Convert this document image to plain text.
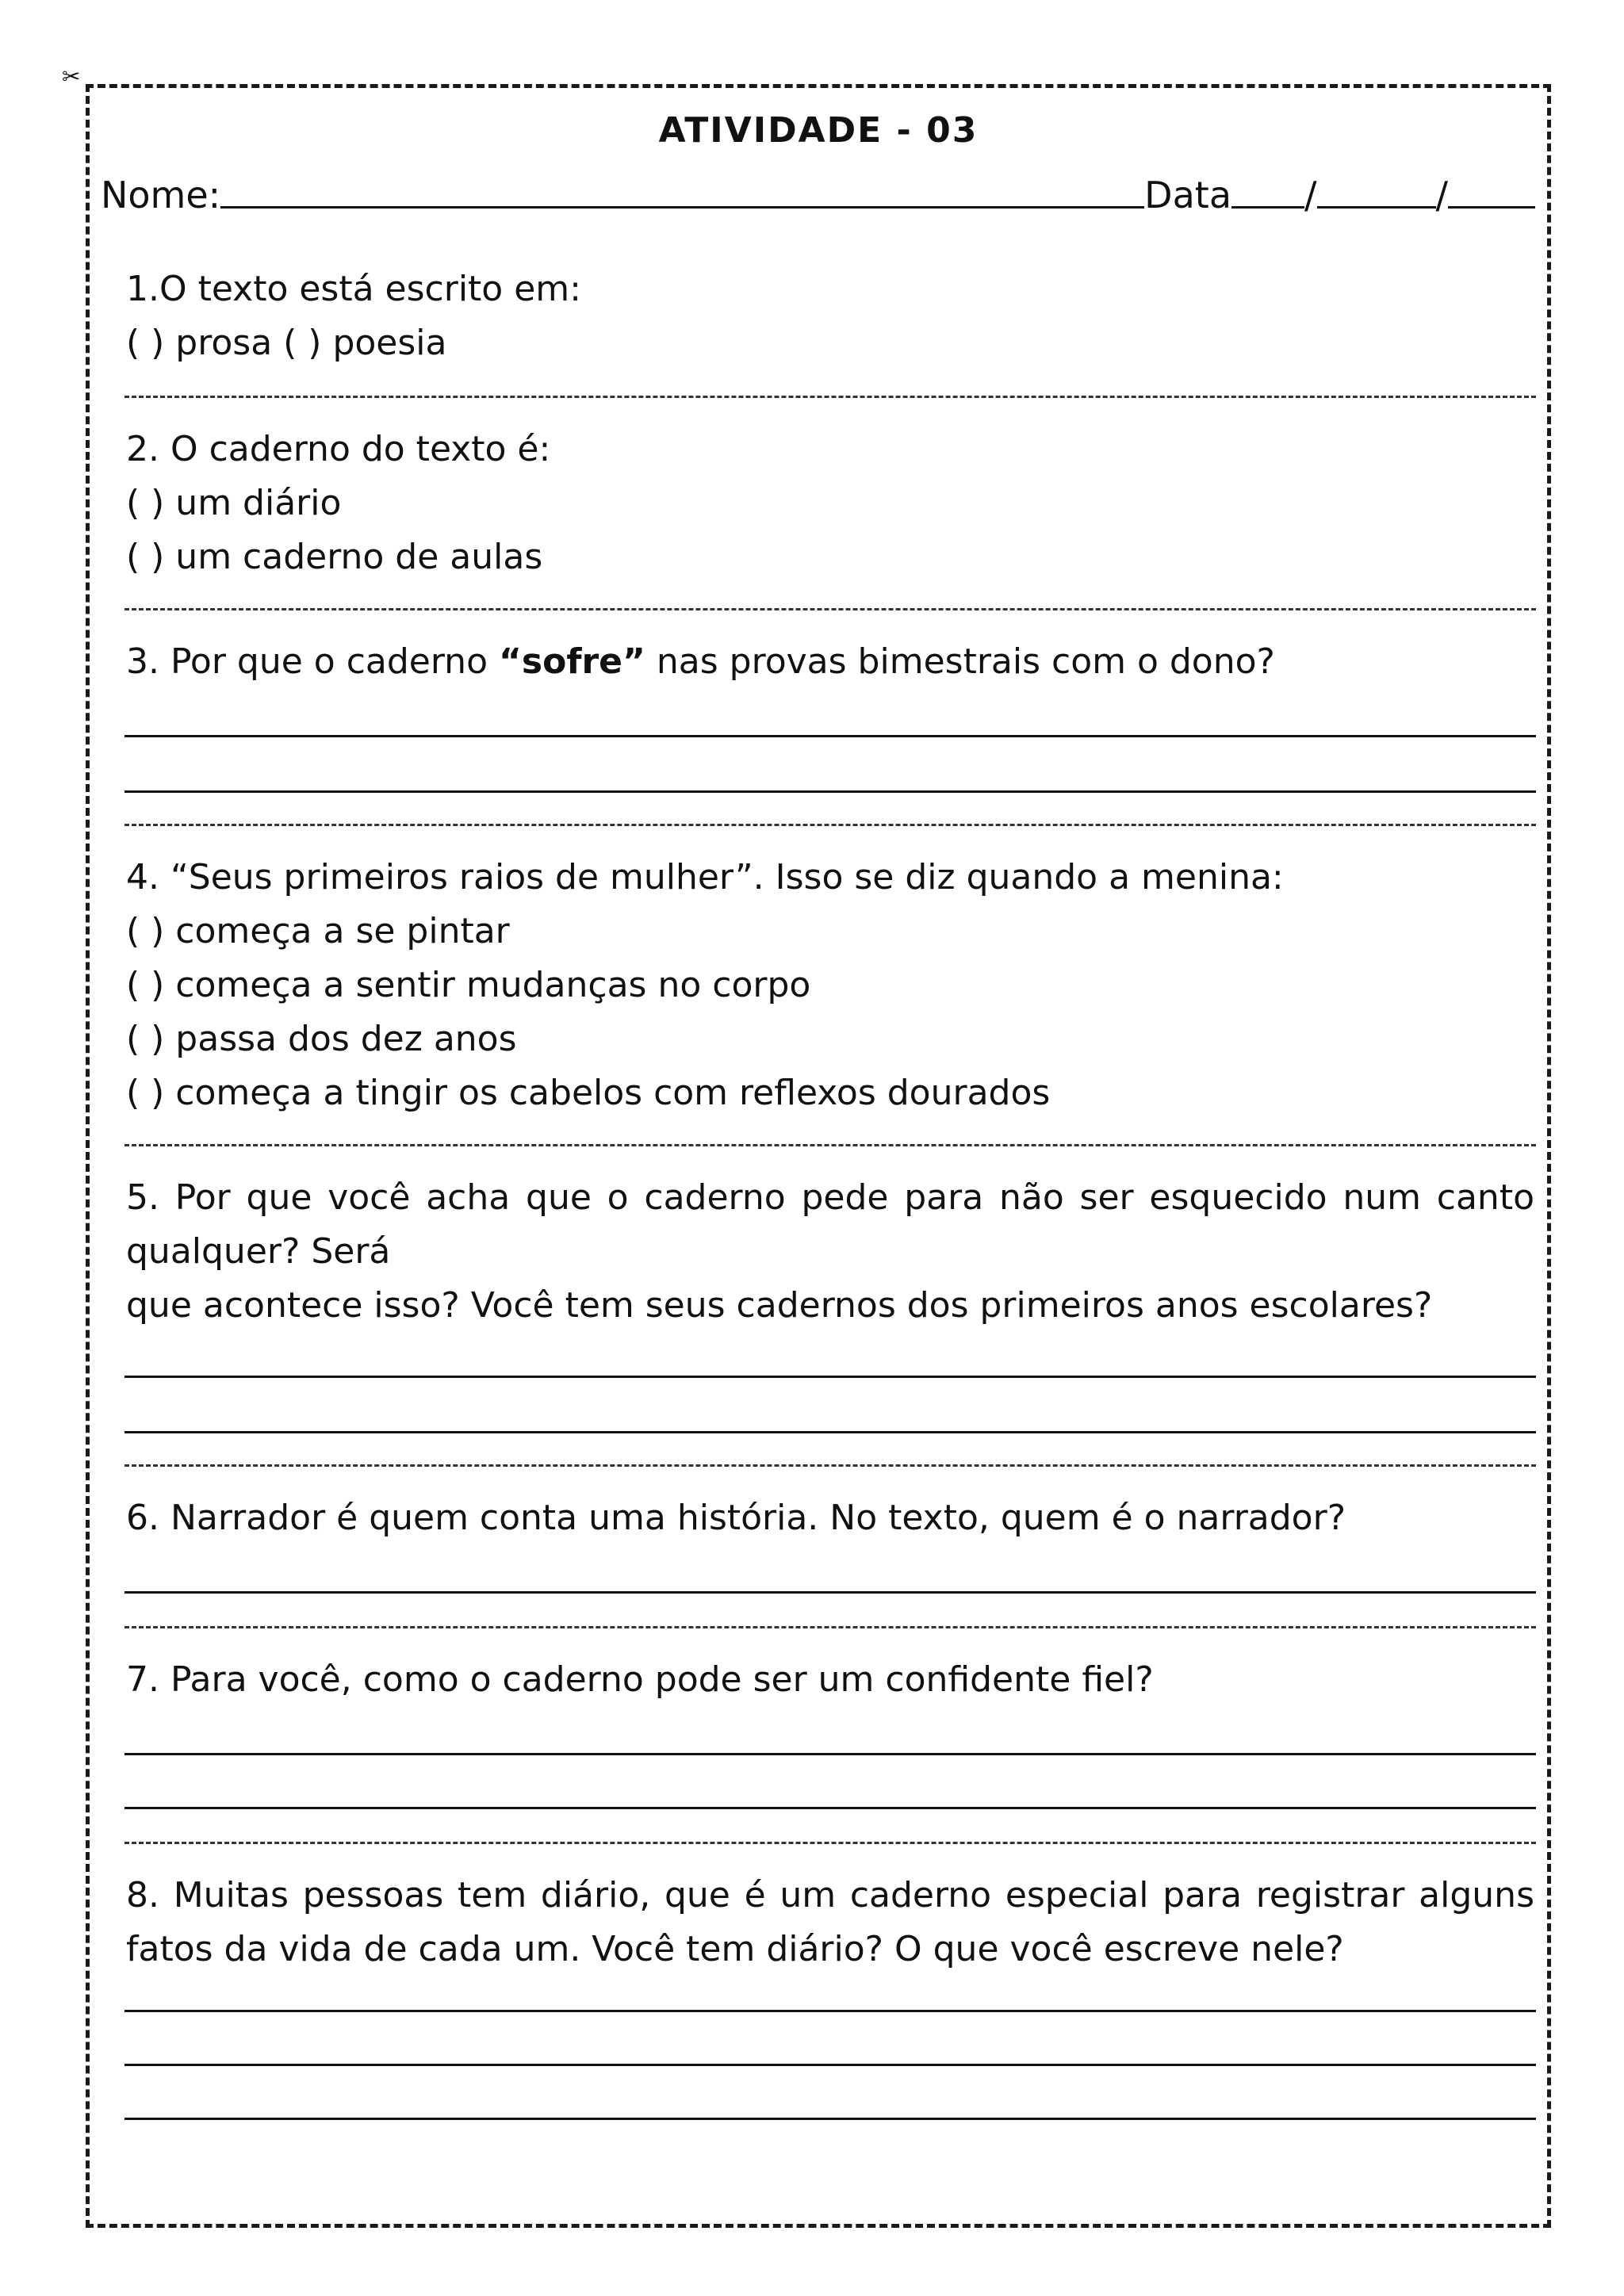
✂
ATIVIDADE - 03
Nome:	Data /	/

1.O texto está escrito em:

( ) prosa ( ) poesia

2. O caderno do texto é:

( ) um diário

( ) um caderno de aulas

3. Por que o caderno “sofre” nas provas bimestrais com o dono?

4. “Seus primeiros raios de mulher”. Isso se diz quando a menina:

( ) começa a se pintar

( ) começa a sentir mudanças no corpo

( ) passa dos dez anos

( ) começa a tingir os cabelos com reflexos dourados

5. Por que você acha que o caderno pede para não ser esquecido num canto

qualquer? Será

que acontece isso? Você tem seus cadernos dos primeiros anos escolares?

6. Narrador é quem conta uma história. No texto, quem é o narrador?

7. Para você, como o caderno pode ser um confidente fiel?

8. Muitas pessoas tem diário, que é um caderno especial para registrar alguns

fatos da vida de cada um. Você tem diário? O que você escreve nele?
